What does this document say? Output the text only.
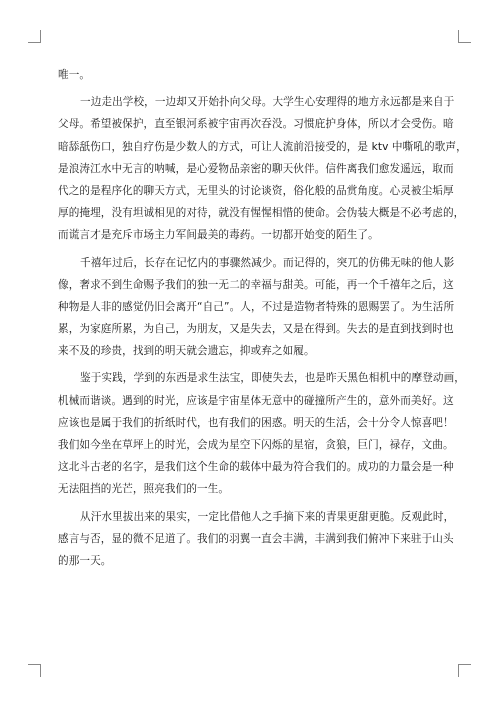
唯一。
一边走出学校，一边却又开始扑向父母。大学生心安理得的地方永远都是来自于
父母。希望被保护，直至银河系被宇宙再次吞没。习惯庇护身体，所以才会受伤。暗
暗舔舐伤口，独自疗伤是少数人的方式，可让人流前沿接受的，是 ktv 中嘶吼的歌声，
是浪涛江水中无言的呐喊，是心爱物品亲密的聊天伙伴。信件离我们愈发遥远，取而
代之的是程序化的聊天方式，无里头的讨论谈资，俗化般的品赏角度。心灵被尘垢厚
厚的掩埋，没有坦诚相见的对待，就没有惺惺相惜的使命。会伪装大概是不必考虑的，
而谎言才是充斥市场主力军间最美的毒药。一切都开始变的陌生了。
千禧年过后，长存在记忆内的事骤然减少。而记得的，突兀的仿佛无味的他人影
像，奢求不到生命赐予我们的独一无二的幸福与甜美。可能，再一个千禧年之后，这
种物是人非的感觉仍旧会离开“自己”。人，不过是造物者特殊的恩赐罢了。为生活所
累，为家庭所累，为自己，为朋友，又是失去，又是在得到。失去的是直到找到时也
来不及的珍贵，找到的明天就会遗忘，抑或弃之如履。
鉴于实践，学到的东西是求生法宝，即使失去，也是昨天黑色相机中的摩登动画，
机械而谐谈。遇到的时光，应该是宇宙星体无意中的碰撞所产生的，意外而美好。这
应该也是属于我们的折纸时代，也有我们的困惑。明天的生活，会十分令人惊喜吧！
我们如今坐在草坪上的时光，会成为星空下闪烁的星宿，贪狼，巨门，禄存，文曲。
这北斗古老的名字，是我们这个生命的载体中最为符合我们的。成功的力量会是一种
无法阻挡的光芒，照亮我们的一生。
从汗水里拔出来的果实，一定比借他人之手摘下来的青果更甜更脆。反观此时，
感言与否，显的微不足道了。我们的羽翼一直会丰满，丰满到我们俯冲下来驻于山头
的那一天。
